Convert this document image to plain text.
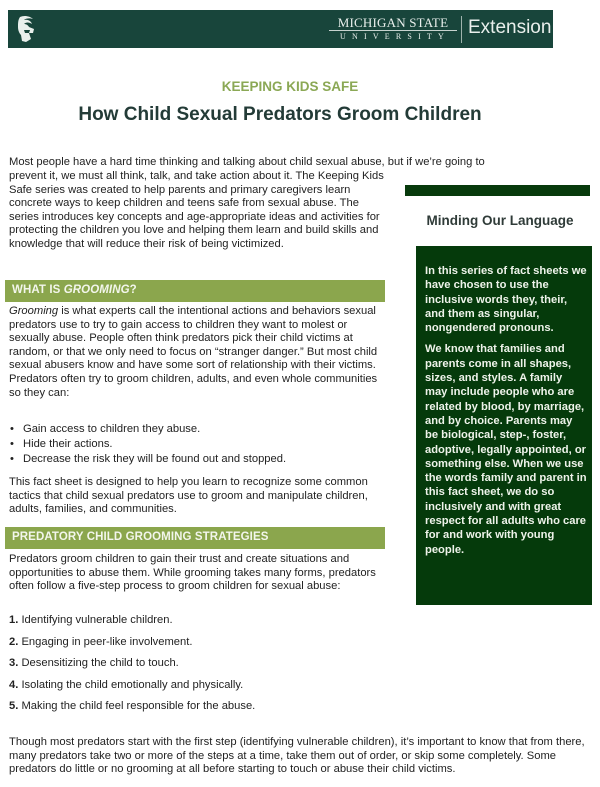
MICHIGAN STATE
UNIVERSITY Extension
KEEPING KIDS SAFE
How Child Sexual Predators Groom Children

Most people have a hard time thinking and talking about child sexual abuse, but if we’re going to

prevent it, we must all think, talk, and take action about it. The Keeping Kids Safe series was created to help parents and primary caregivers learn concrete ways to keep children and teens safe from sexual abuse. The series introduces key concepts and age-appropriate ideas and activities for protecting the children you love and helping them learn and build skills and knowledge that will reduce their risk of being victimized.

WHAT IS GROOMING?

Grooming is what experts call the intentional actions and behaviors sexual predators use to try to gain access to children they want to molest or sexually abuse. People often think predators pick their child victims at random, or that we only need to focus on “stranger danger.” But most child sexual abusers know and have some sort of relationship with their victims. Predators often try to groom children, adults, and even whole communities so they can:

• Gain access to children they abuse.
• Hide their actions.
• Decrease the risk they will be found out and stopped.

This fact sheet is designed to help you learn to recognize some common tactics that child sexual predators use to groom and manipulate children, adults, families, and communities.

PREDATORY CHILD GROOMING STRATEGIES

Predators groom children to gain their trust and create situations and opportunities to abuse them. While grooming takes many forms, predators often follow a five-step process to groom children for sexual abuse:

1. Identifying vulnerable children.
2. Engaging in peer-like involvement.
3. Desensitizing the child to touch.
4. Isolating the child emotionally and physically.
5. Making the child feel responsible for the abuse.

Though most predators start with the first step (identifying vulnerable children), it’s important to know that from there, many predators take two or more of the steps at a time, take them out of order, or skip some completely. Some predators do little or no grooming at all before starting to touch or abuse their child victims.

Minding Our Language

In this series of fact sheets we have chosen to use the inclusive words they, their, and them as singular, nongendered pronouns.

We know that families and parents come in all shapes, sizes, and styles. A family may include people who are related by blood, by marriage, and by choice. Parents may be biological, step-, foster, adoptive, legally appointed, or something else. When we use the words family and parent in this fact sheet, we do so inclusively and with great respect for all adults who care for and work with young people.
